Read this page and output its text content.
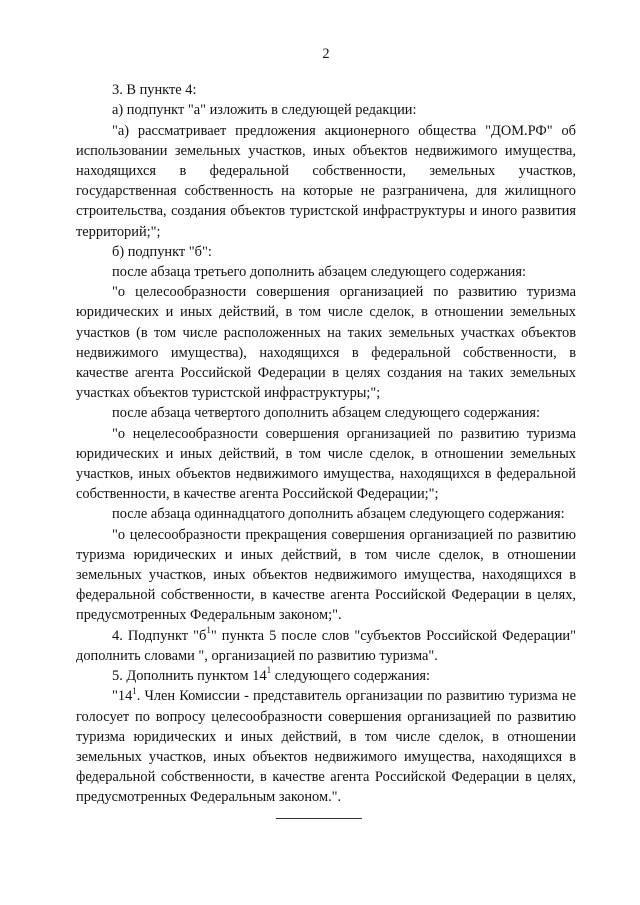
2

3. В пункте 4:

а) подпункт "а" изложить в следующей редакции:

"а) рассматривает предложения акционерного общества "ДОМ.РФ" об использовании земельных участков, иных объектов недвижимого имущества, находящихся в федеральной собственности, земельных участков, государственная собственность на которые не разграничена, для жилищного строительства, создания объектов туристской инфраструктуры и иного развития территорий;";

б) подпункт "б":

после абзаца третьего дополнить абзацем следующего содержания:

"о целесообразности совершения организацией по развитию туризма юридических и иных действий, в том числе сделок, в отношении земельных участков (в том числе расположенных на таких земельных участках объектов недвижимого имущества), находящихся в федеральной собственности, в качестве агента Российской Федерации в целях создания на таких земельных участках объектов туристской инфраструктуры;";

после абзаца четвертого дополнить абзацем следующего содержания:

"о нецелесообразности совершения организацией по развитию туризма юридических и иных действий, в том числе сделок, в отношении земельных участков, иных объектов недвижимого имущества, находящихся в федеральной собственности, в качестве агента Российской Федерации;";

после абзаца одиннадцатого дополнить абзацем следующего содержания:

"о целесообразности прекращения совершения организацией по развитию туризма юридических и иных действий, в том числе сделок, в отношении земельных участков, иных объектов недвижимого имущества, находящихся в федеральной собственности, в качестве агента Российской Федерации в целях, предусмотренных Федеральным законом;".

4. Подпункт "$б^1$" пункта 5 после слов "субъектов Российской Федерации" дополнить словами ", организацией по развитию туризма".

5. Дополнить пунктом $14^1$ следующего содержания:

"$14^1$. Член Комиссии - представитель организации по развитию туризма не голосует по вопросу целесообразности совершения организацией по развитию туризма юридических и иных действий, в том числе сделок, в отношении земельных участков, иных объектов недвижимого имущества, находящихся в федеральной собственности, в качестве агента Российской Федерации в целях, предусмотренных Федеральным законом.".
